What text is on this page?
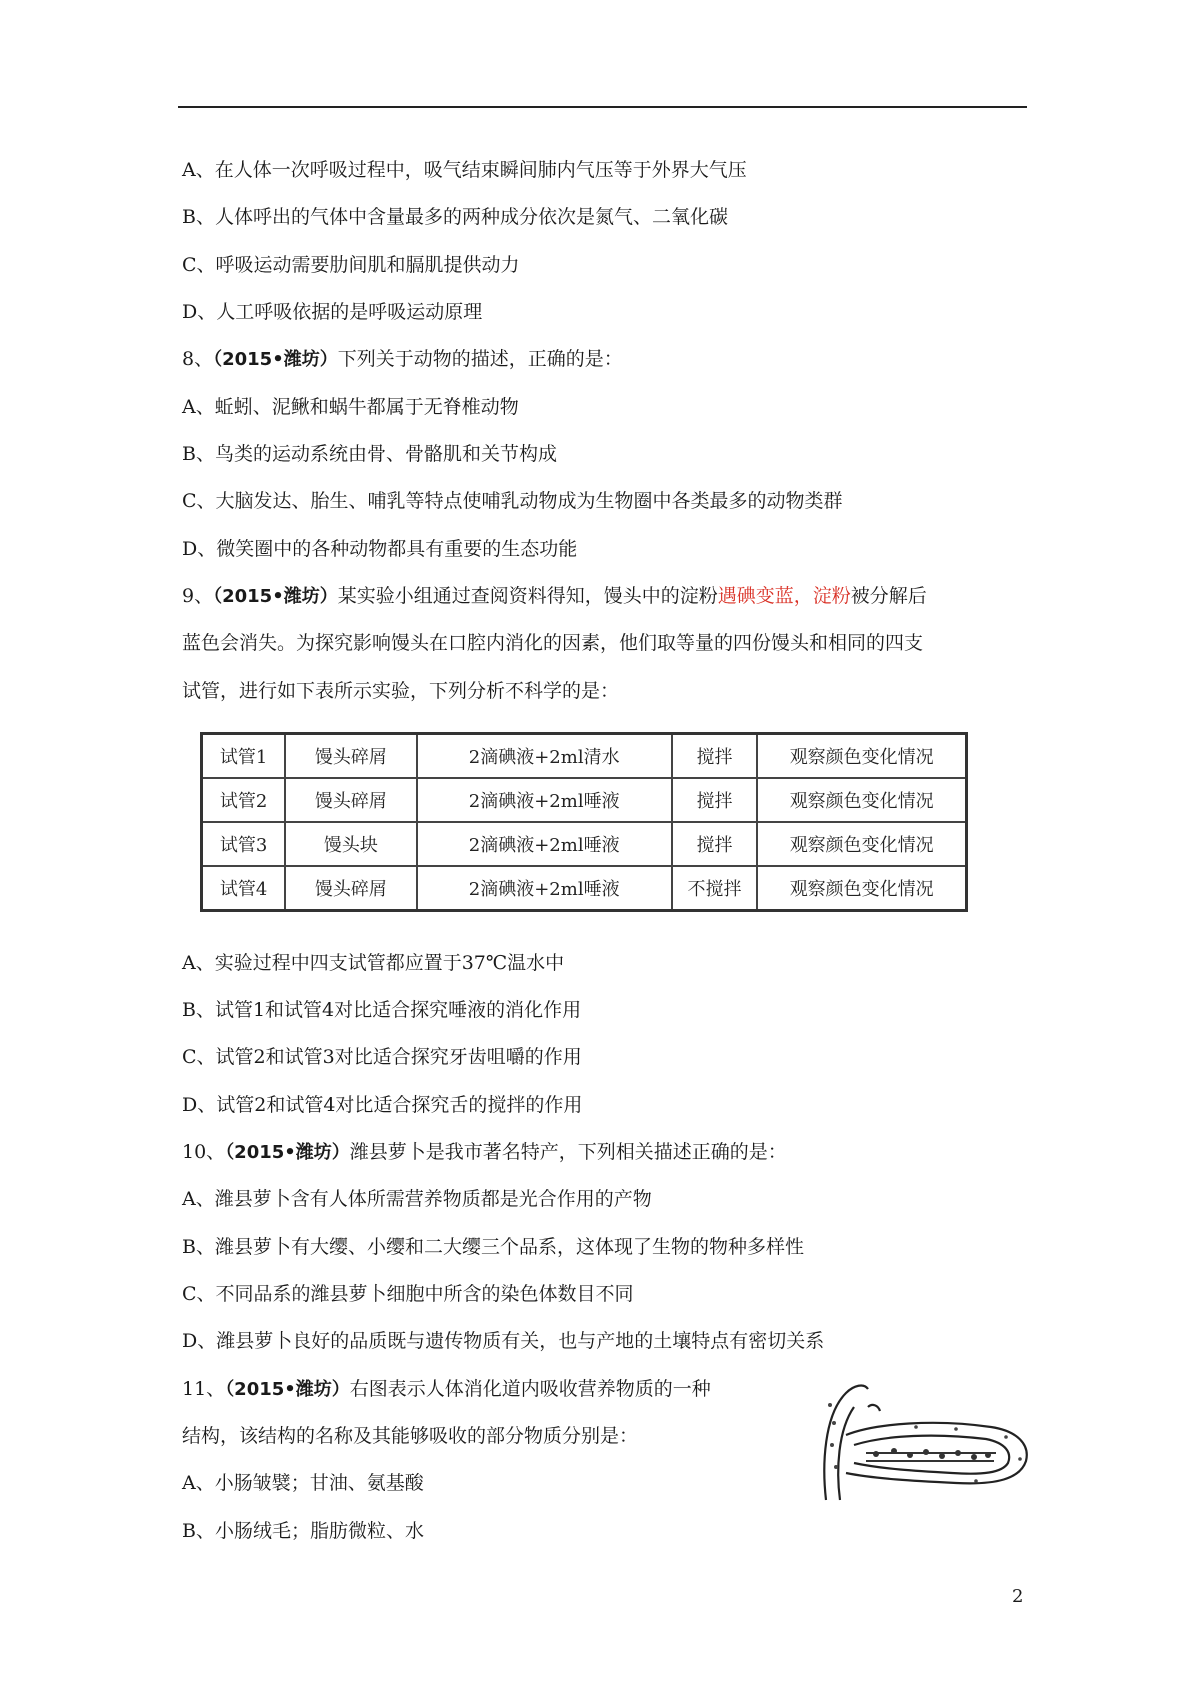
A、在人体一次呼吸过程中，吸气结束瞬间肺内气压等于外界大气压
B、人体呼出的气体中含量最多的两种成分依次是氮气、二氧化碳
C、呼吸运动需要肋间肌和膈肌提供动力
D、人工呼吸依据的是呼吸运动原理
8、（2015•潍坊）下列关于动物的描述，正确的是：
A、蚯蚓、泥鳅和蜗牛都属于无脊椎动物
B、鸟类的运动系统由骨、骨骼肌和关节构成
C、大脑发达、胎生、哺乳等特点使哺乳动物成为生物圈中各类最多的动物类群
D、微笑圈中的各种动物都具有重要的生态功能
9、（2015•潍坊）某实验小组通过查阅资料得知，馒头中的淀粉遇碘变蓝，淀粉被分解后
蓝色会消失。为探究影响馒头在口腔内消化的因素，他们取等量的四份馒头和相同的四支
试管，进行如下表所示实验，下列分析不科学的是：
试管1	馒头碎屑	2滴碘液+2ml清水	搅拌	观察颜色变化情况
试管2	馒头碎屑	2滴碘液+2ml唾液	搅拌	观察颜色变化情况
试管3	馒头块	2滴碘液+2ml唾液	搅拌	观察颜色变化情况
试管4	馒头碎屑	2滴碘液+2ml唾液	不搅拌	观察颜色变化情况
A、实验过程中四支试管都应置于37℃温水中
B、试管1和试管4对比适合探究唾液的消化作用
C、试管2和试管3对比适合探究牙齿咀嚼的作用
D、试管2和试管4对比适合探究舌的搅拌的作用
10、（2015•潍坊）潍县萝卜是我市著名特产，下列相关描述正确的是：
A、潍县萝卜含有人体所需营养物质都是光合作用的产物
B、潍县萝卜有大缨、小缨和二大缨三个品系，这体现了生物的物种多样性
C、不同品系的潍县萝卜细胞中所含的染色体数目不同
D、潍县萝卜良好的品质既与遗传物质有关，也与产地的土壤特点有密切关系
11、（2015•潍坊）右图表示人体消化道内吸收营养物质的一种
结构，该结构的名称及其能够吸收的部分物质分别是：
A、小肠皱襞；甘油、氨基酸
B、小肠绒毛；脂肪微粒、水
2
